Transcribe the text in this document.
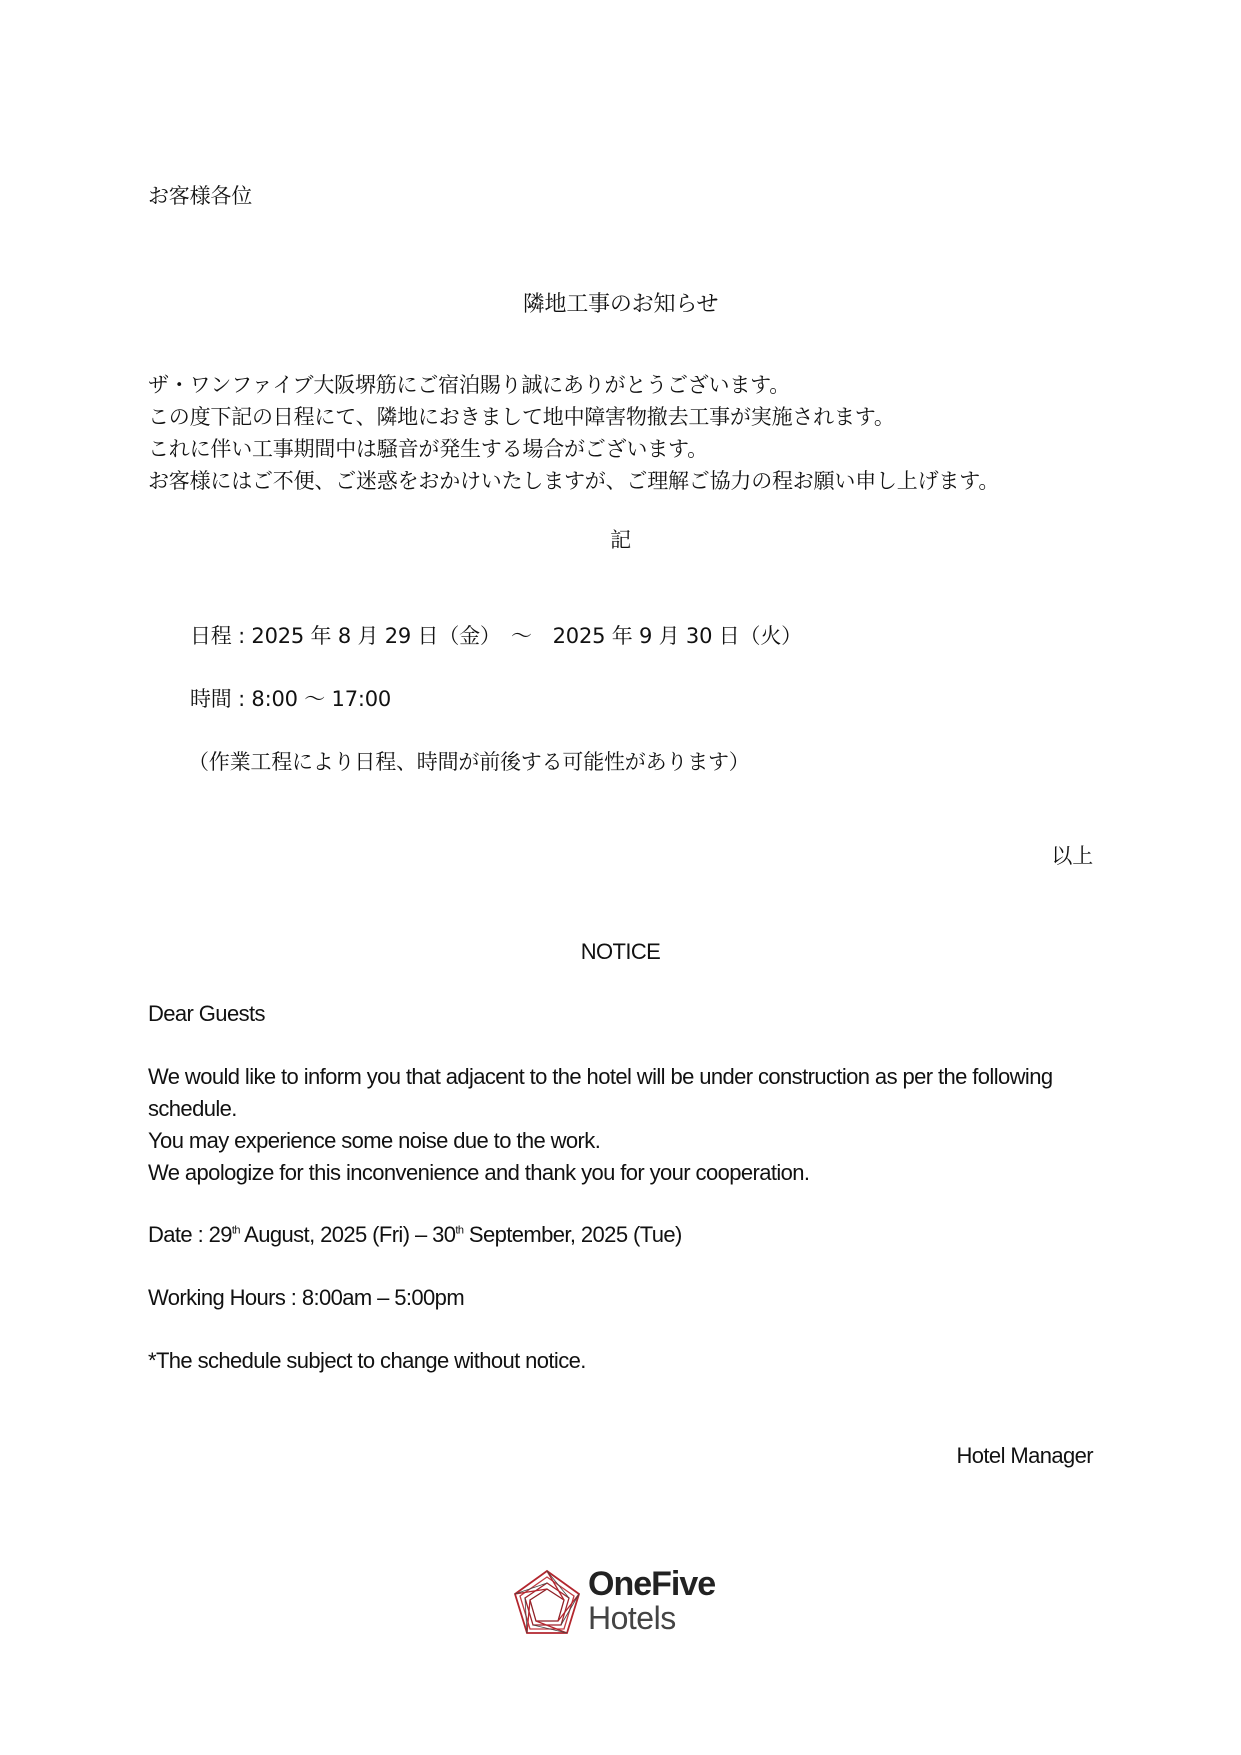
お客様各位
隣地工事のお知らせ
ザ・ワンファイブ大阪堺筋にご宿泊賜り誠にありがとうございます。
この度下記の日程にて、隣地におきまして地中障害物撤去工事が実施されます。
これに伴い工事期間中は騒音が発生する場合がございます。
お客様にはご不便、ご迷惑をおかけいたしますが、ご理解ご協力の程お願い申し上げます。
記
日程 : 2025 年 8 月 29 日（金）　～　2025 年 9 月 30 日（火）
時間 : 8:00 ～ 17:00
（作業工程により日程、時間が前後する可能性があります）
以上
NOTICE
Dear Guests
We would like to inform you that adjacent to the hotel will be under construction as per the following
schedule.
You may experience some noise due to the work.
We apologize for this inconvenience and thank you for your cooperation.
Date : 29th August, 2025 (Fri) – 30th September, 2025 (Tue)
Working Hours : 8:00am – 5:00pm
*The schedule subject to change without notice.
Hotel Manager
OneFive
Hotels
